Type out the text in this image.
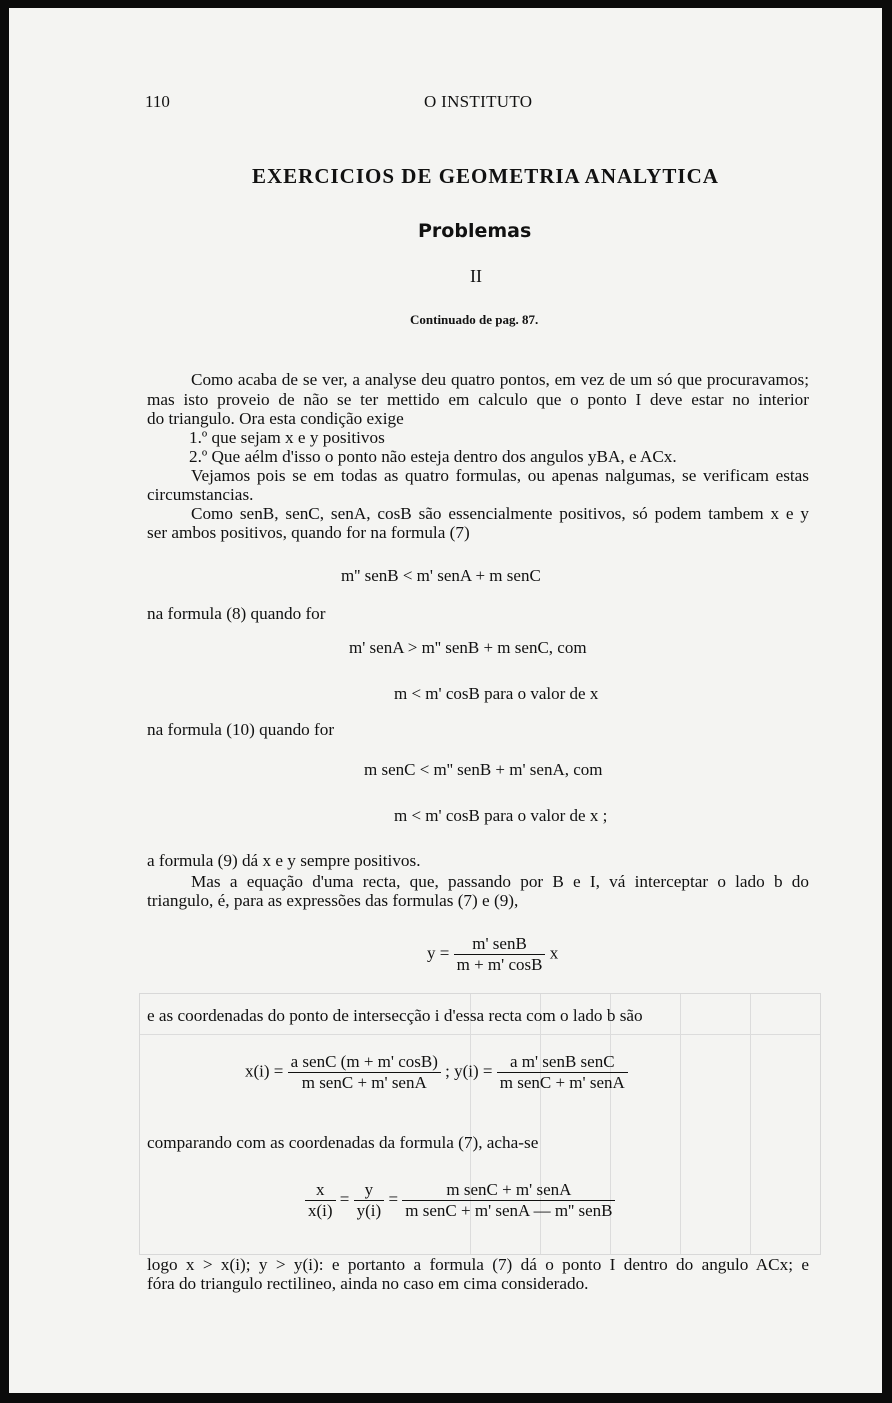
110	O INSTITUTO
EXERCICIOS DE GEOMETRIA ANALYTICA
Problemas
II
Continuado de pag. 87.
Como acaba de se ver, a analyse deu quatro pontos, em vez de um só que procuravamos;
mas isto proveio de não se ter mettido em calculo que o ponto I deve estar no interior
do triangulo. Ora esta condição exige
1.º que sejam x e y positivos
2.º Que aélm d'isso o ponto não esteja dentro dos angulos yBA, e ACx.
Vejamos pois se em todas as quatro formulas, ou apenas nalgumas, se verificam estas
circumstancias.
Como senB, senC, senA, cosB são essencialmente positivos, só podem tambem x e y
ser ambos positivos, quando for na formula (7)
m'' senB < m' senA + m senC
na formula (8) quando for
m' senA > m'' senB + m senC, com
m < m' cosB para o valor de x
na formula (10) quando for
m senC < m'' senB + m' senA, com
m < m' cosB para o valor de x ;
a formula (9) dá x e y sempre positivos.
Mas a equação d'uma recta, que, passando por B e I, vá interceptar o lado b do
triangulo, é, para as expressões das formulas (7) e (9),
$y = \frac{\text{m' senB}}{m + m' \cos B}$ x
e as coordenadas do ponto de intersecção i d'essa recta com o lado b são
$x(i) = \frac{\text{a senC (m + m' cosB)}}{\text{m senC + m' senA}}$ ; $y(i) = \frac{\text{a m' senB senC}}{\text{m senC + m' senA}}$
comparando com as coordenadas da formula (7), acha-se
$\frac{x}{x(i)} = \frac{y}{y(i)} = \frac{\text{m senC + m' senA}}{\text{m senC + m' senA — m'' senB}}$
logo x > x(i); y > y(i): e portanto a formula (7) dá o ponto I dentro do angulo ACx; e
fóra do triangulo rectilineo, ainda no caso em cima considerado.
